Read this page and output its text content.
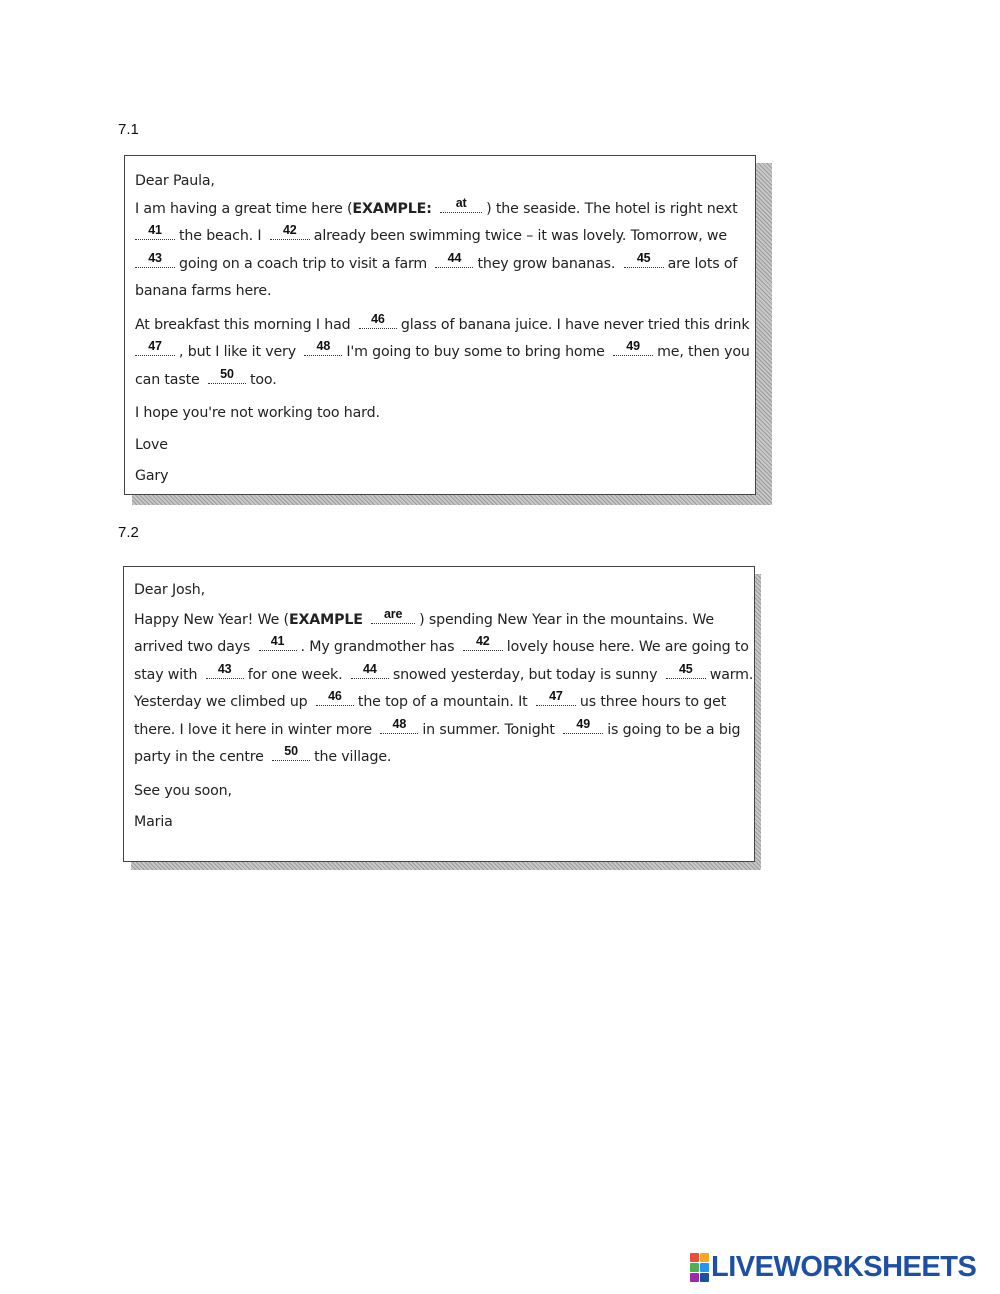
7.1
Dear Paula,
I am having a great time here (EXAMPLE:	at	) the seaside. The hotel is right next
41	the beach. I	42	already been swimming twice – it was lovely. Tomorrow, we
43	going on a coach trip to visit a farm	44	they grow bananas.	45	are lots of
banana farms here.
At breakfast this morning I had	46	glass of banana juice. I have never tried this drink
47	, but I like it very	48	I'm going to buy some to bring home	49	me, then you
can taste	50	too.
I hope you're not working too hard.
Love
Gary
7.2
Dear Josh,
Happy New Year! We (EXAMPLE	are	) spending New Year in the mountains. We
arrived two days	41	. My grandmother has	42	lovely house here. We are going to
stay with	43	for one week.	44	snowed yesterday, but today is sunny	45	warm.
Yesterday we climbed up	46	the top of a mountain. It	47	us three hours to get
there. I love it here in winter more	48	in summer. Tonight	49	is going to be a big
party in the centre	50	the village.
See you soon,
Maria
LIVEWORKSHEETS
